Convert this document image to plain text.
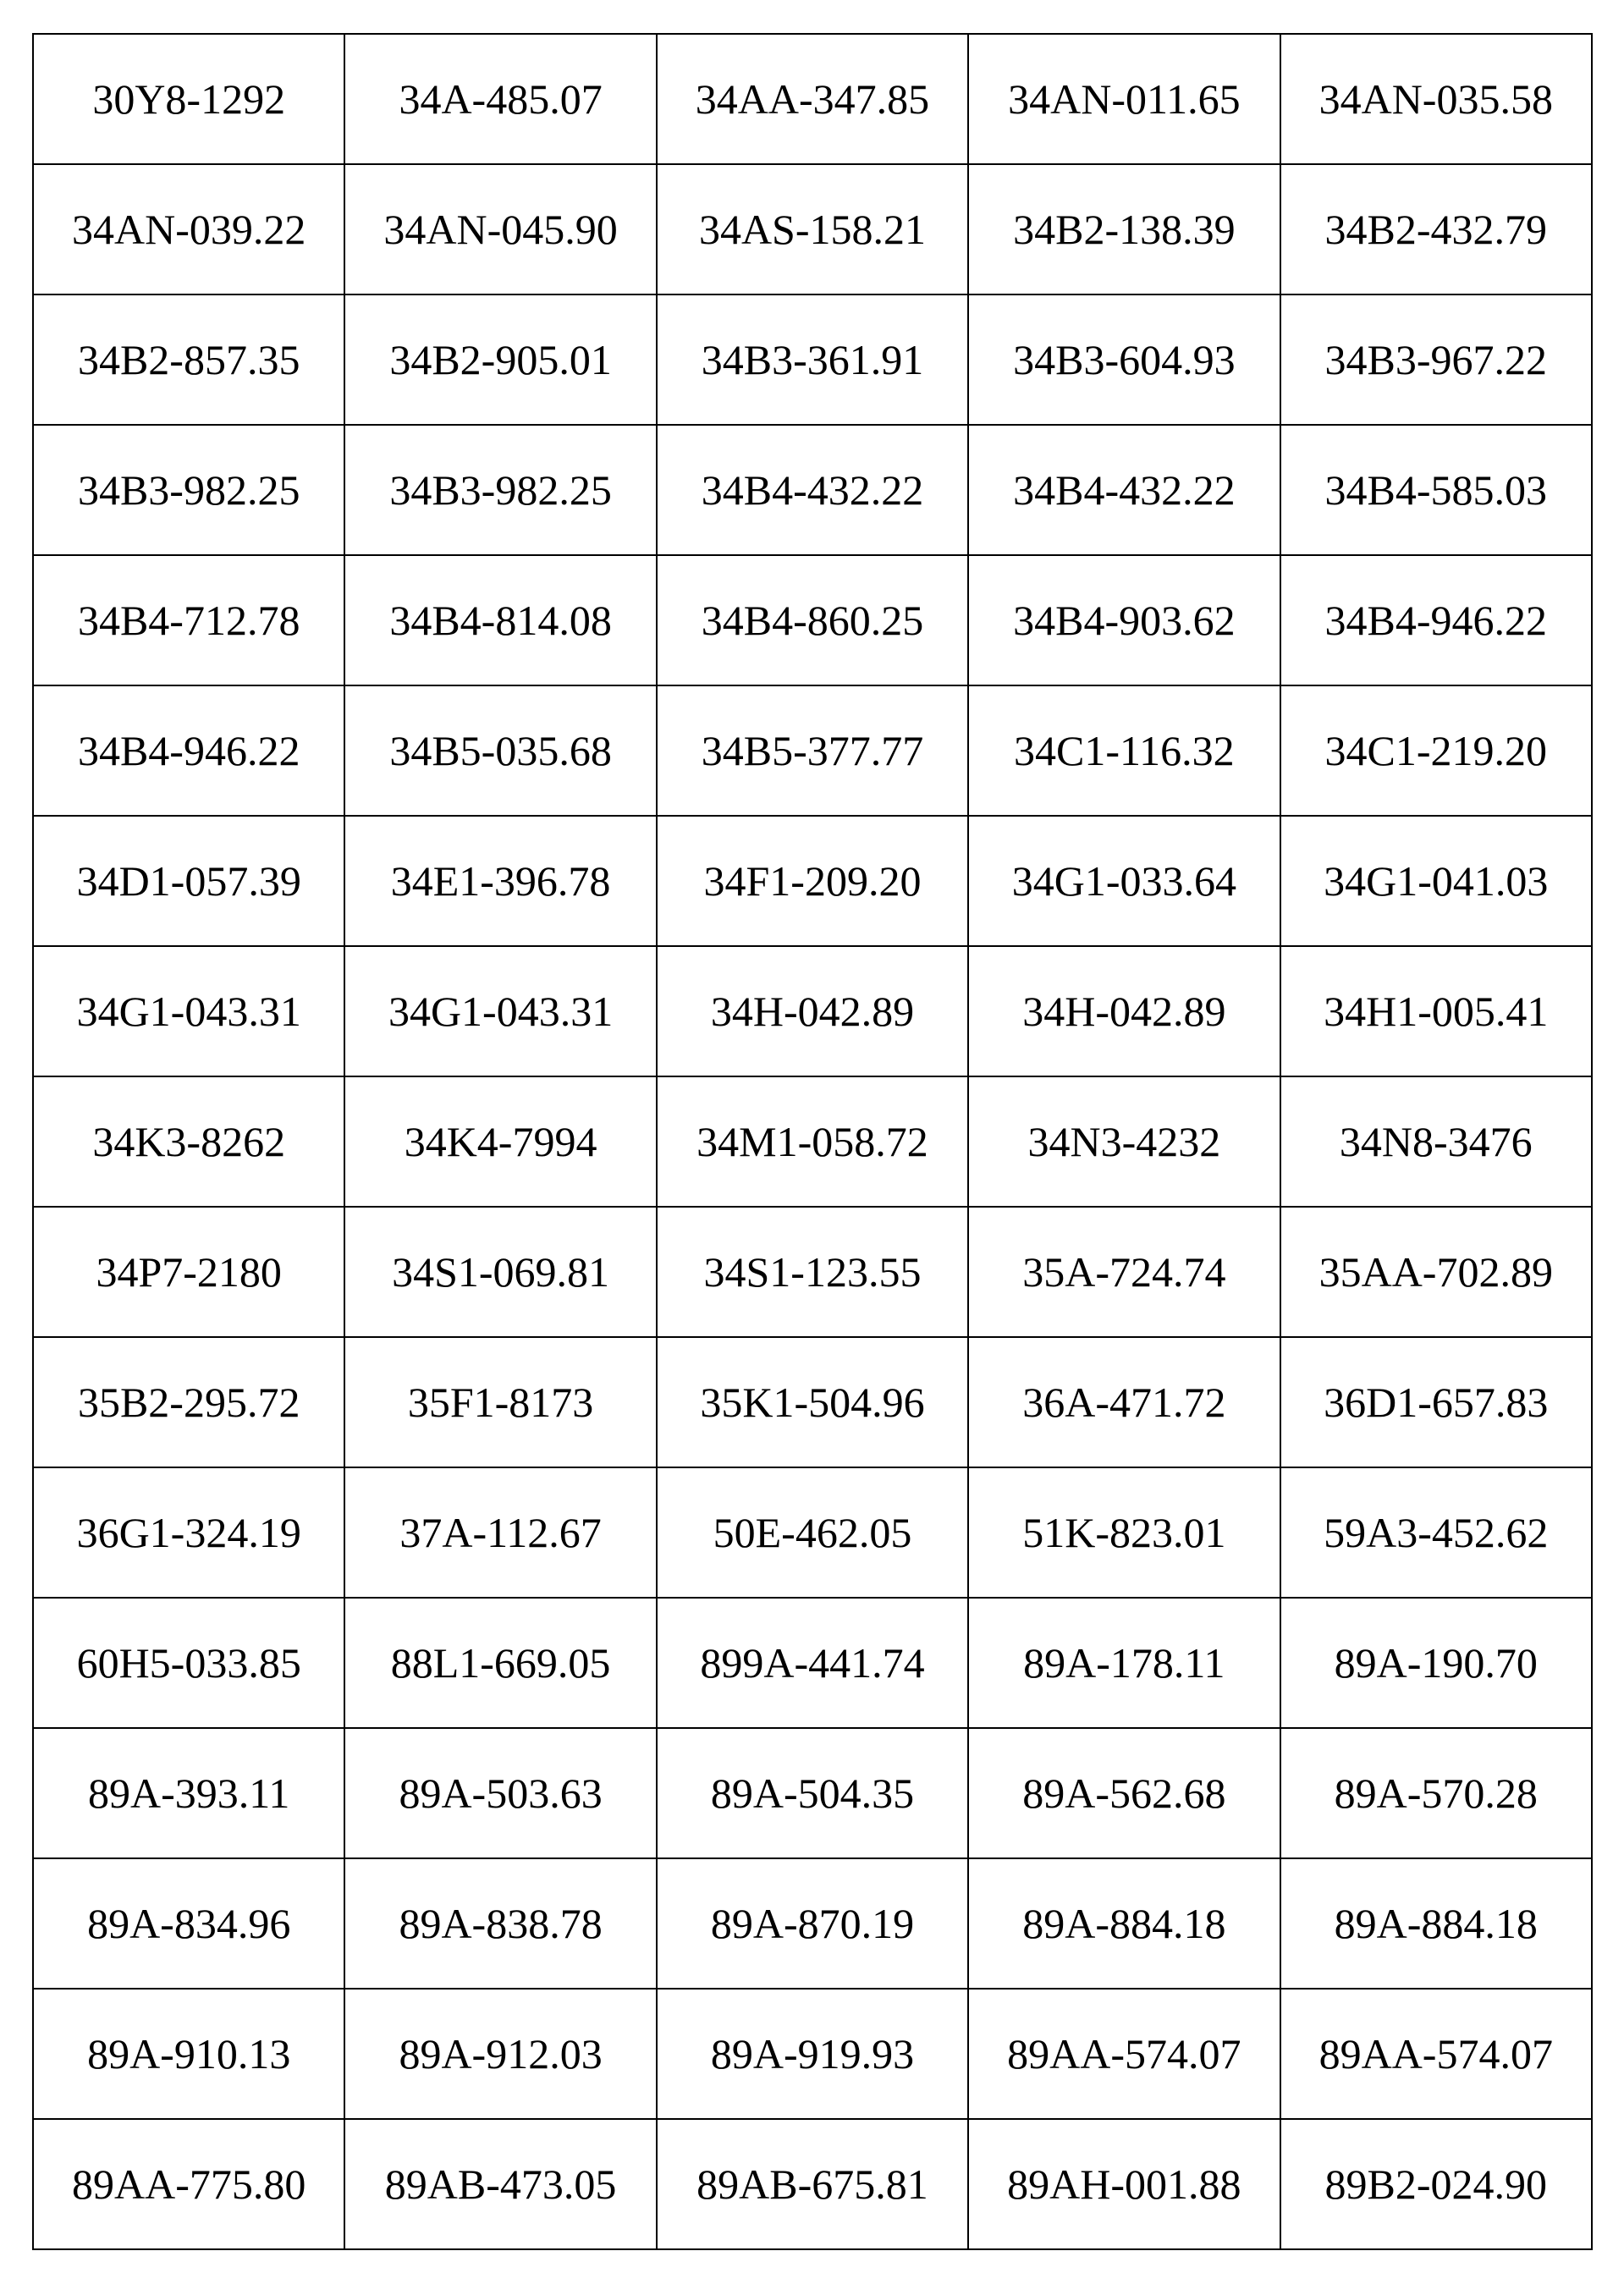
30Y8-1292	34A-485.07	34AA-347.85	34AN-011.65	34AN-035.58
34AN-039.22	34AN-045.90	34AS-158.21	34B2-138.39	34B2-432.79
34B2-857.35	34B2-905.01	34B3-361.91	34B3-604.93	34B3-967.22
34B3-982.25	34B3-982.25	34B4-432.22	34B4-432.22	34B4-585.03
34B4-712.78	34B4-814.08	34B4-860.25	34B4-903.62	34B4-946.22
34B4-946.22	34B5-035.68	34B5-377.77	34C1-116.32	34C1-219.20
34D1-057.39	34E1-396.78	34F1-209.20	34G1-033.64	34G1-041.03
34G1-043.31	34G1-043.31	34H-042.89	34H-042.89	34H1-005.41
34K3-8262	34K4-7994	34M1-058.72	34N3-4232	34N8-3476
34P7-2180	34S1-069.81	34S1-123.55	35A-724.74	35AA-702.89
35B2-295.72	35F1-8173	35K1-504.96	36A-471.72	36D1-657.83
36G1-324.19	37A-112.67	50E-462.05	51K-823.01	59A3-452.62
60H5-033.85	88L1-669.05	899A-441.74	89A-178.11	89A-190.70
89A-393.11	89A-503.63	89A-504.35	89A-562.68	89A-570.28
89A-834.96	89A-838.78	89A-870.19	89A-884.18	89A-884.18
89A-910.13	89A-912.03	89A-919.93	89AA-574.07	89AA-574.07
89AA-775.80	89AB-473.05	89AB-675.81	89AH-001.88	89B2-024.90
